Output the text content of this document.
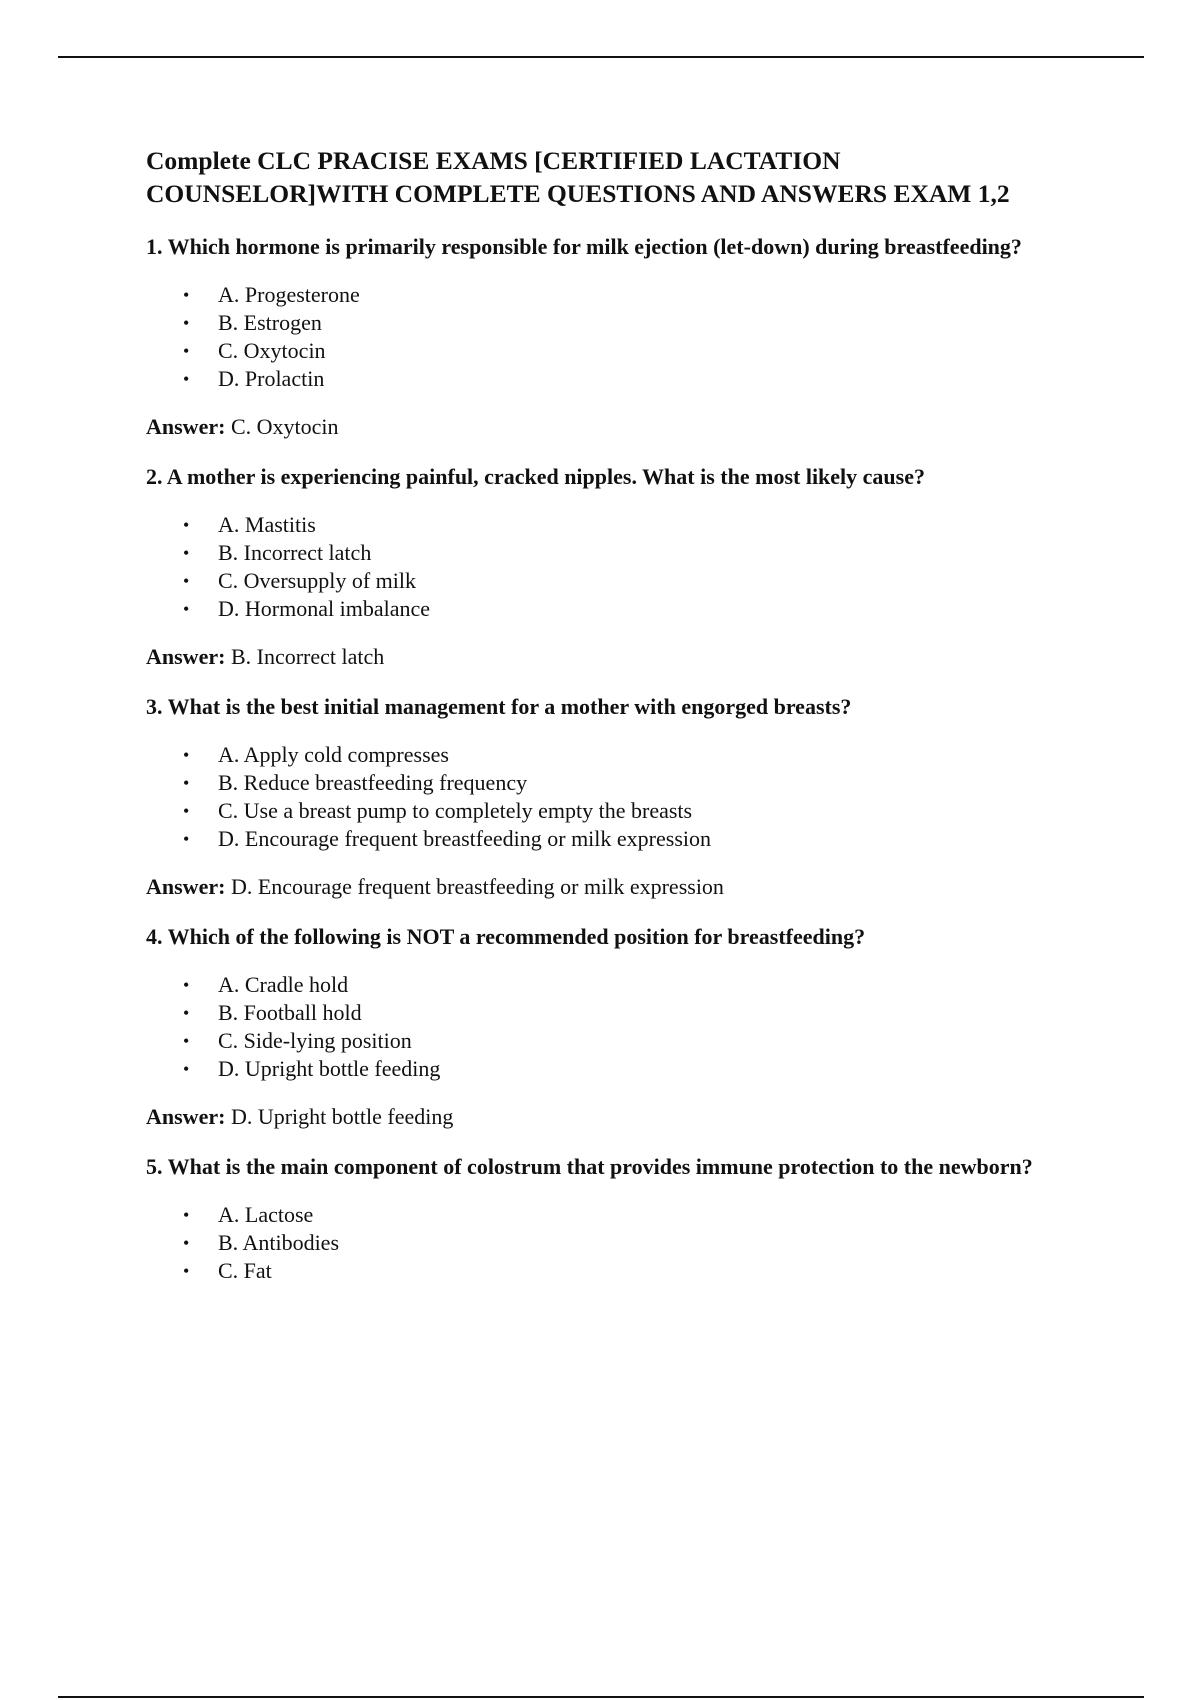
Complete CLC PRACISE EXAMS [CERTIFIED LACTATION
COUNSELOR]WITH COMPLETE QUESTIONS AND ANSWERS EXAM 1,2

1. Which hormone is primarily responsible for milk ejection (let-down) during breastfeeding?

• A. Progesterone
• B. Estrogen
• C. Oxytocin
• D. Prolactin

Answer: C. Oxytocin

2. A mother is experiencing painful, cracked nipples. What is the most likely cause?

• A. Mastitis
• B. Incorrect latch
• C. Oversupply of milk
• D. Hormonal imbalance

Answer: B. Incorrect latch

3. What is the best initial management for a mother with engorged breasts?

• A. Apply cold compresses
• B. Reduce breastfeeding frequency
• C. Use a breast pump to completely empty the breasts
• D. Encourage frequent breastfeeding or milk expression

Answer: D. Encourage frequent breastfeeding or milk expression

4. Which of the following is NOT a recommended position for breastfeeding?

• A. Cradle hold
• B. Football hold
• C. Side-lying position
• D. Upright bottle feeding

Answer: D. Upright bottle feeding

5. What is the main component of colostrum that provides immune protection to the newborn?

• A. Lactose
• B. Antibodies
• C. Fat
